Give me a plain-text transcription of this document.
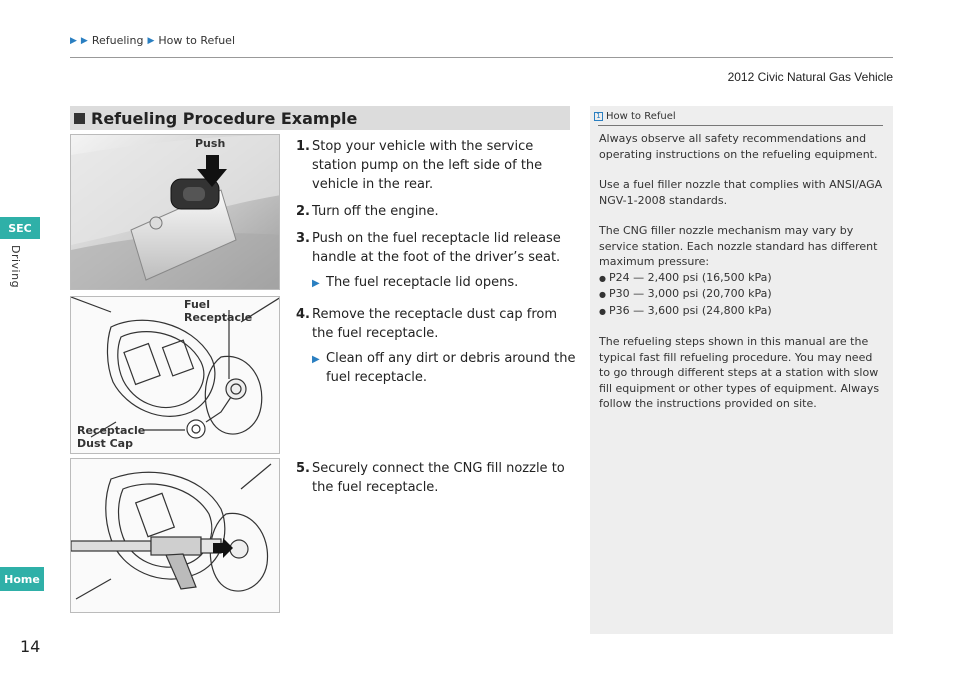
▶ ▶ Refueling ▶ How to Refuel
2012 Civic Natural Gas Vehicle
SEC
Driving
Home
14
Refueling Procedure Example
Push
Fuel Receptacle
Receptacle
Dust Cap
1. Stop your vehicle with the service station pump on the left side of the vehicle in the rear.
2. Turn off the engine.
3. Push on the fuel receptacle lid release handle at the foot of the driver’s seat.
▶ The fuel receptacle lid opens.
4. Remove the receptacle dust cap from the fuel receptacle.
▶ Clean off any dirt or debris around the fuel receptacle.
5. Securely connect the CNG fill nozzle to the fuel receptacle.
1 How to Refuel

Always observe all safety recommendations and operating instructions on the refueling equipment.

Use a fuel filler nozzle that complies with ANSI/AGA NGV-1-2008 standards.

The CNG filler nozzle mechanism may vary by service station. Each nozzle standard has different maximum pressure:
● P24 — 2,400 psi (16,500 kPa)
● P30 — 3,000 psi (20,700 kPa)
● P36 — 3,600 psi (24,800 kPa)

The refueling steps shown in this manual are the typical fast fill refueling procedure. You may need to go through different steps at a station with slow fill equipment or other types of equipment. Always follow the instructions provided on site.
